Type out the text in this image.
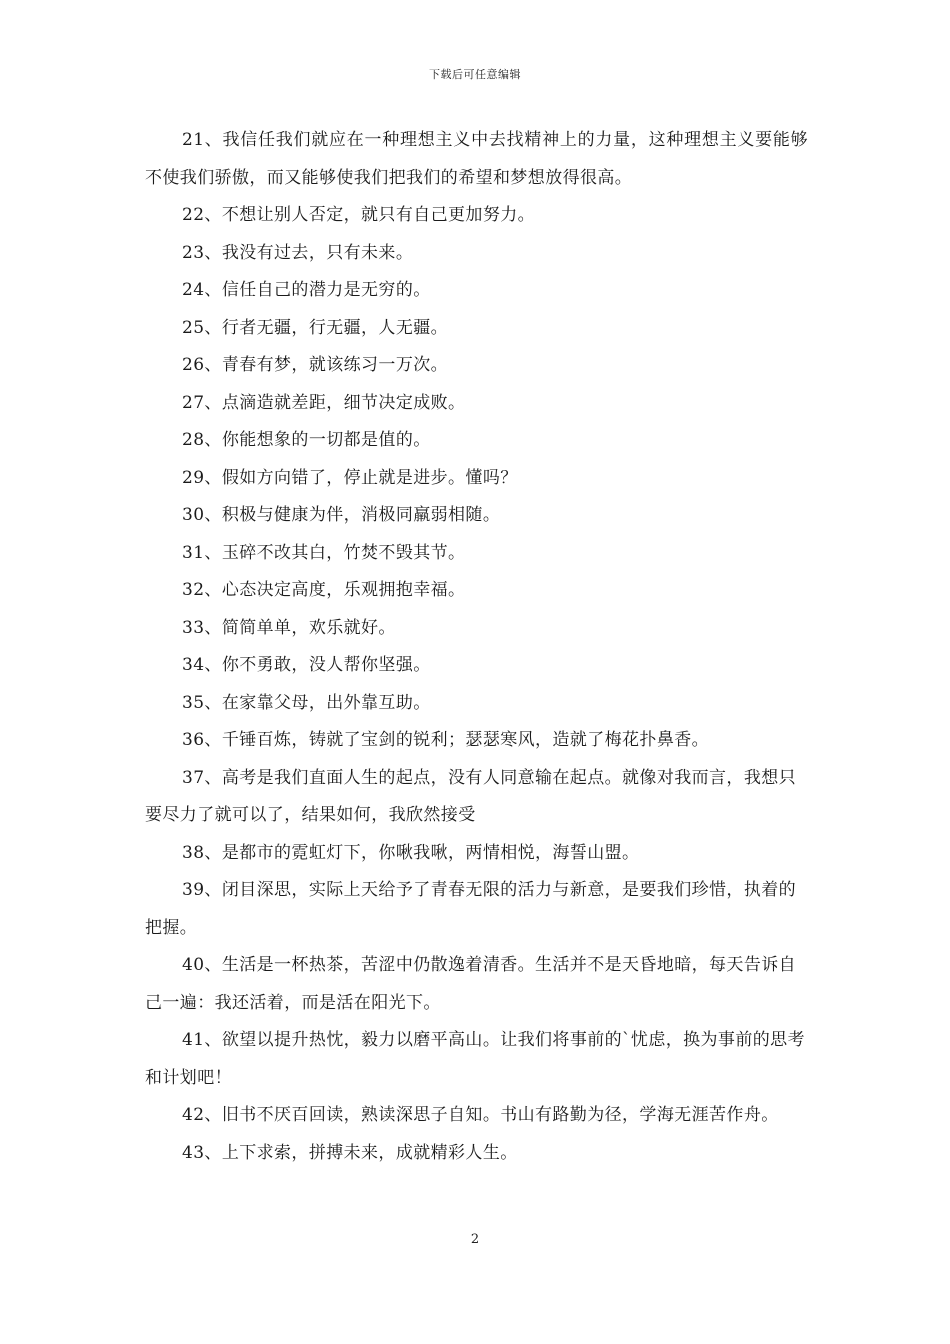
下载后可任意编辑

21、我信任我们就应在一种理想主义中去找精神上的力量，这种理想主义要能够不使我们骄傲，而又能够使我们把我们的希望和梦想放得很高。

22、不想让别人否定，就只有自己更加努力。

23、我没有过去，只有未来。

24、信任自己的潜力是无穷的。

25、行者无疆，行无疆，人无疆。

26、青春有梦，就该练习一万次。

27、点滴造就差距，细节决定成败。

28、你能想象的一切都是值的。

29、假如方向错了，停止就是进步。懂吗？

30、积极与健康为伴，消极同羸弱相随。

31、玉碎不改其白，竹焚不毁其节。

32、心态决定高度，乐观拥抱幸福。

33、简简单单，欢乐就好。

34、你不勇敢，没人帮你坚强。

35、在家靠父母，出外靠互助。

36、千锤百炼，铸就了宝剑的锐利；瑟瑟寒风，造就了梅花扑鼻香。

37、高考是我们直面人生的起点，没有人同意输在起点。就像对我而言，我想只要尽力了就可以了，结果如何，我欣然接受

38、是都市的霓虹灯下，你啾我啾，两情相悦，海誓山盟。

39、闭目深思，实际上天给予了青春无限的活力与新意，是要我们珍惜，执着的把握。

40、生活是一杯热茶，苦涩中仍散逸着清香。生活并不是天昏地暗，每天告诉自己一遍：我还活着，而是活在阳光下。

41、欲望以提升热忱，毅力以磨平高山。让我们将事前的`忧虑，换为事前的思考和计划吧！

42、旧书不厌百回读，熟读深思子自知。书山有路勤为径，学海无涯苦作舟。

43、上下求索，拼搏未来，成就精彩人生。

2
